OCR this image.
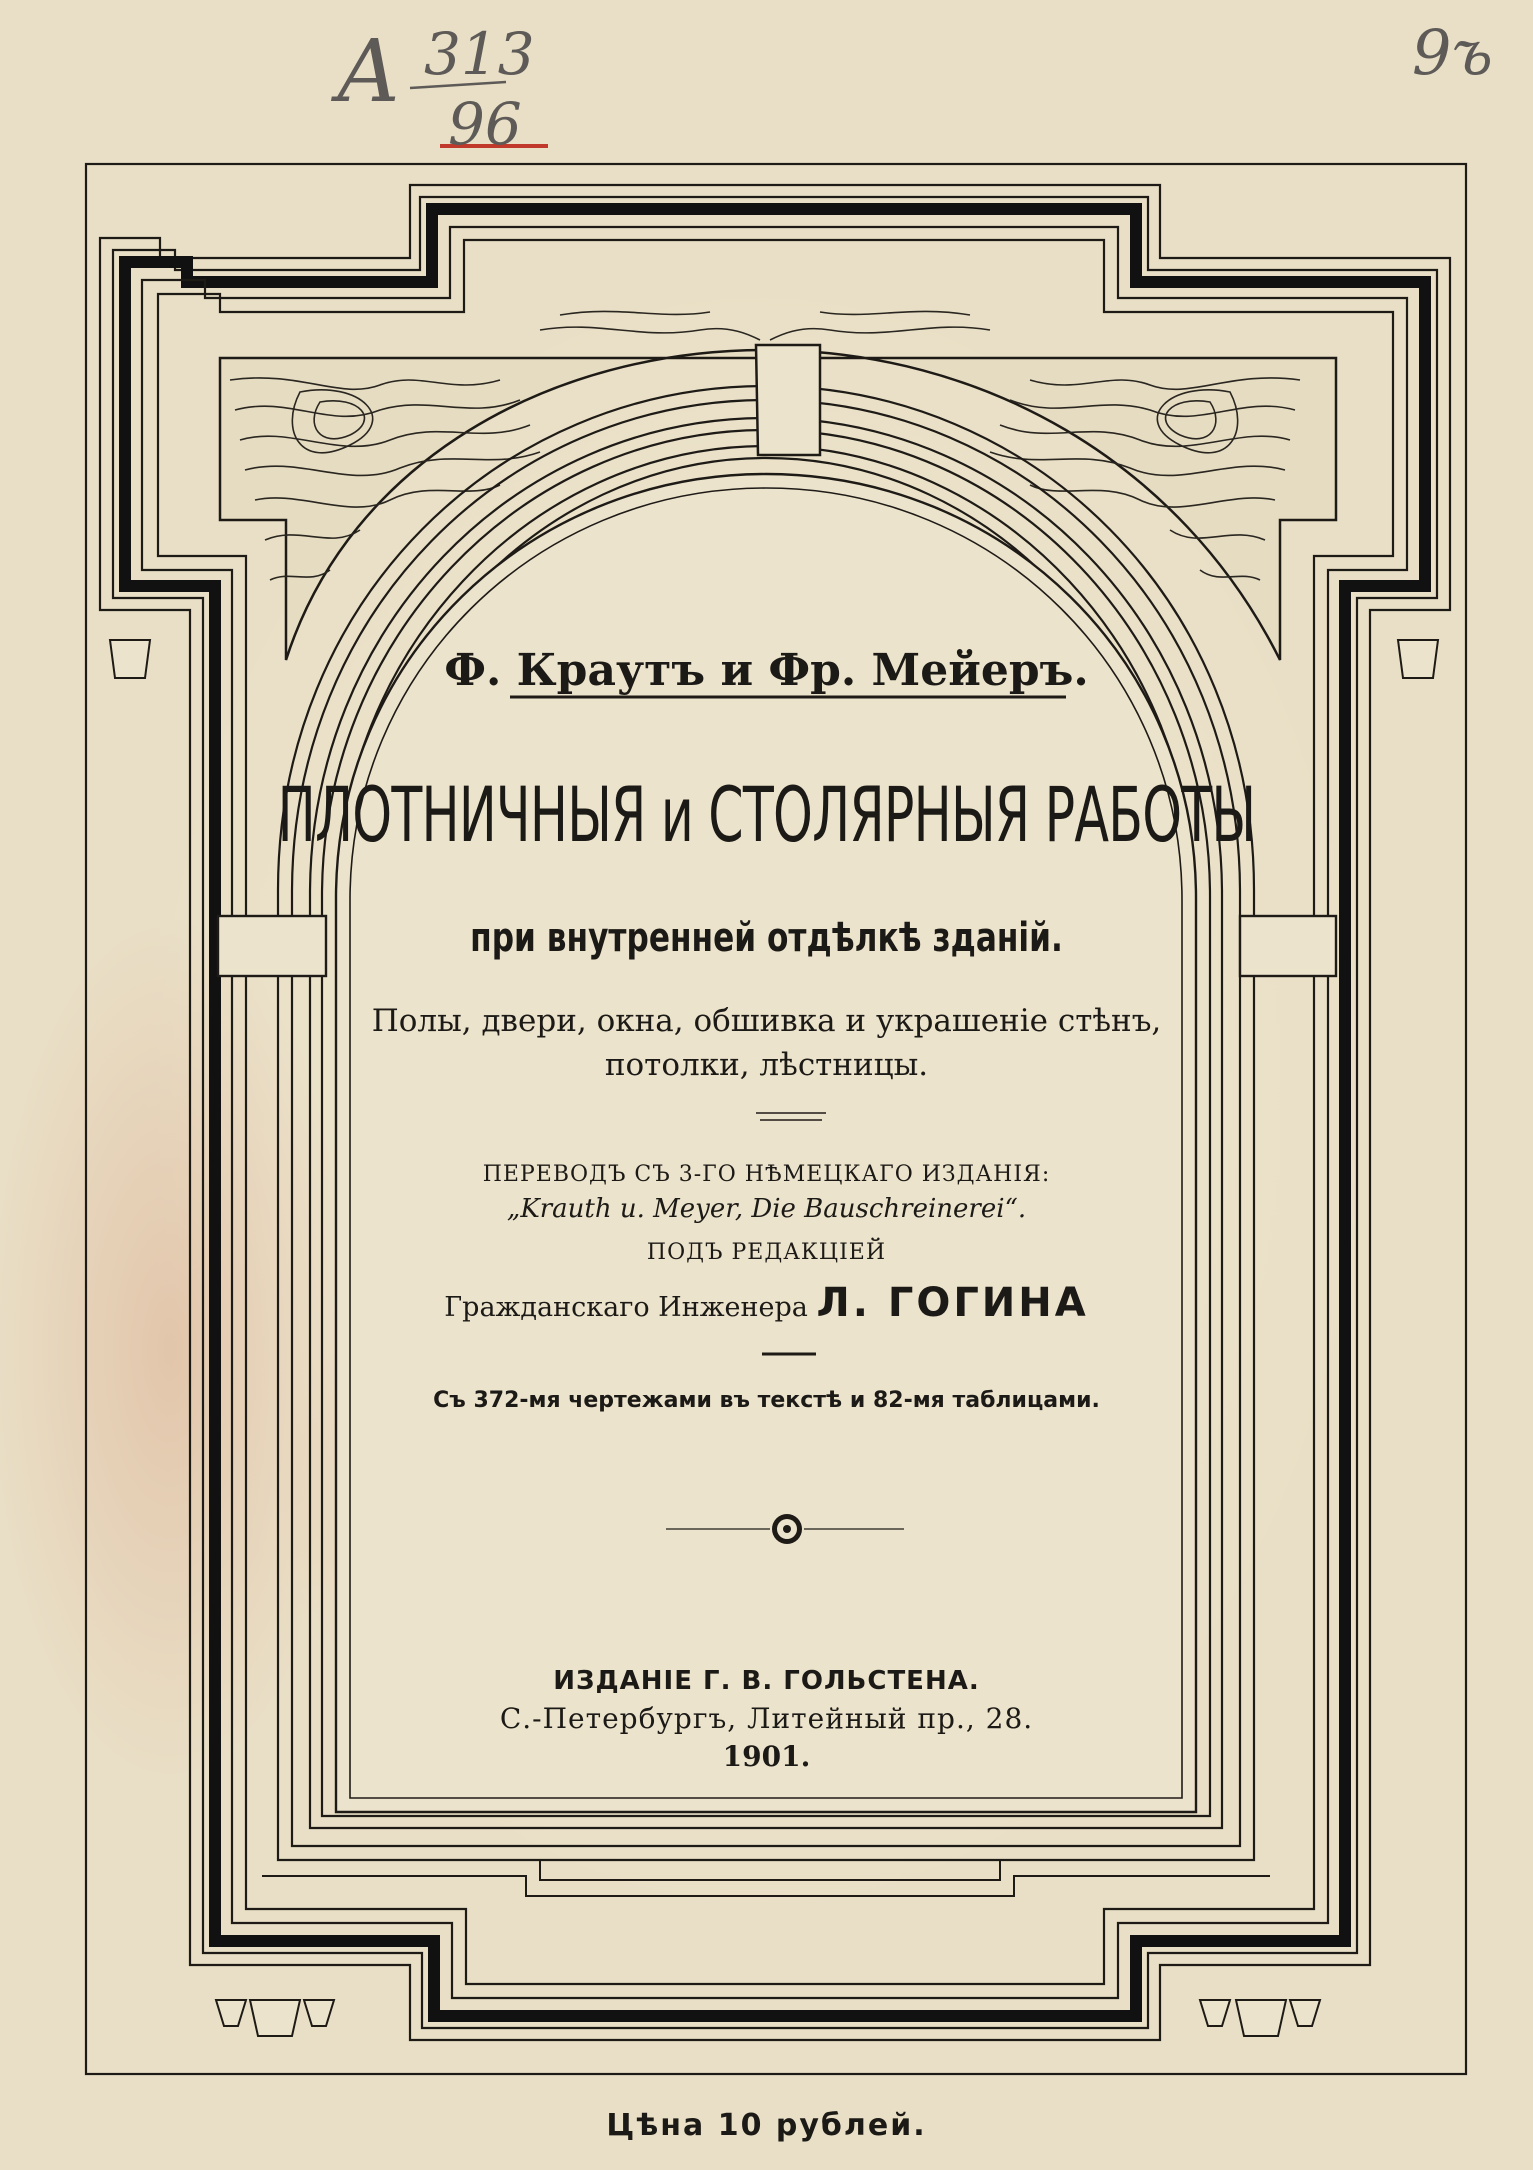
А 313
96
9ъ
Ф. Краутъ и Фр. Мейеръ.
ПЛОТНИЧНЫЯ и СТОЛЯРНЫЯ РАБОТЫ
при внутренней отдѣлкѣ зданій.
Полы, двери, окна, обшивка и украшеніе стѣнъ,
потолки, лѣстницы.
ПЕРЕВОДЪ СЪ 3-ГО НѢМЕЦКАГО ИЗДАНІЯ:
„Krauth u. Meyer, Die Bauschreinerei“.
ПОДЪ РЕДАКЦІЕЙ
Гражданскаго Инженера Л. ГОГИНА
Съ 372-мя чертежами въ текстѣ и 82-мя таблицами.
ИЗДАНІЕ Г. В. ГОЛЬСТЕНА.
С.-Петербургъ, Литейный пр., 28.
1901.
Цѣна 10 рублей.
